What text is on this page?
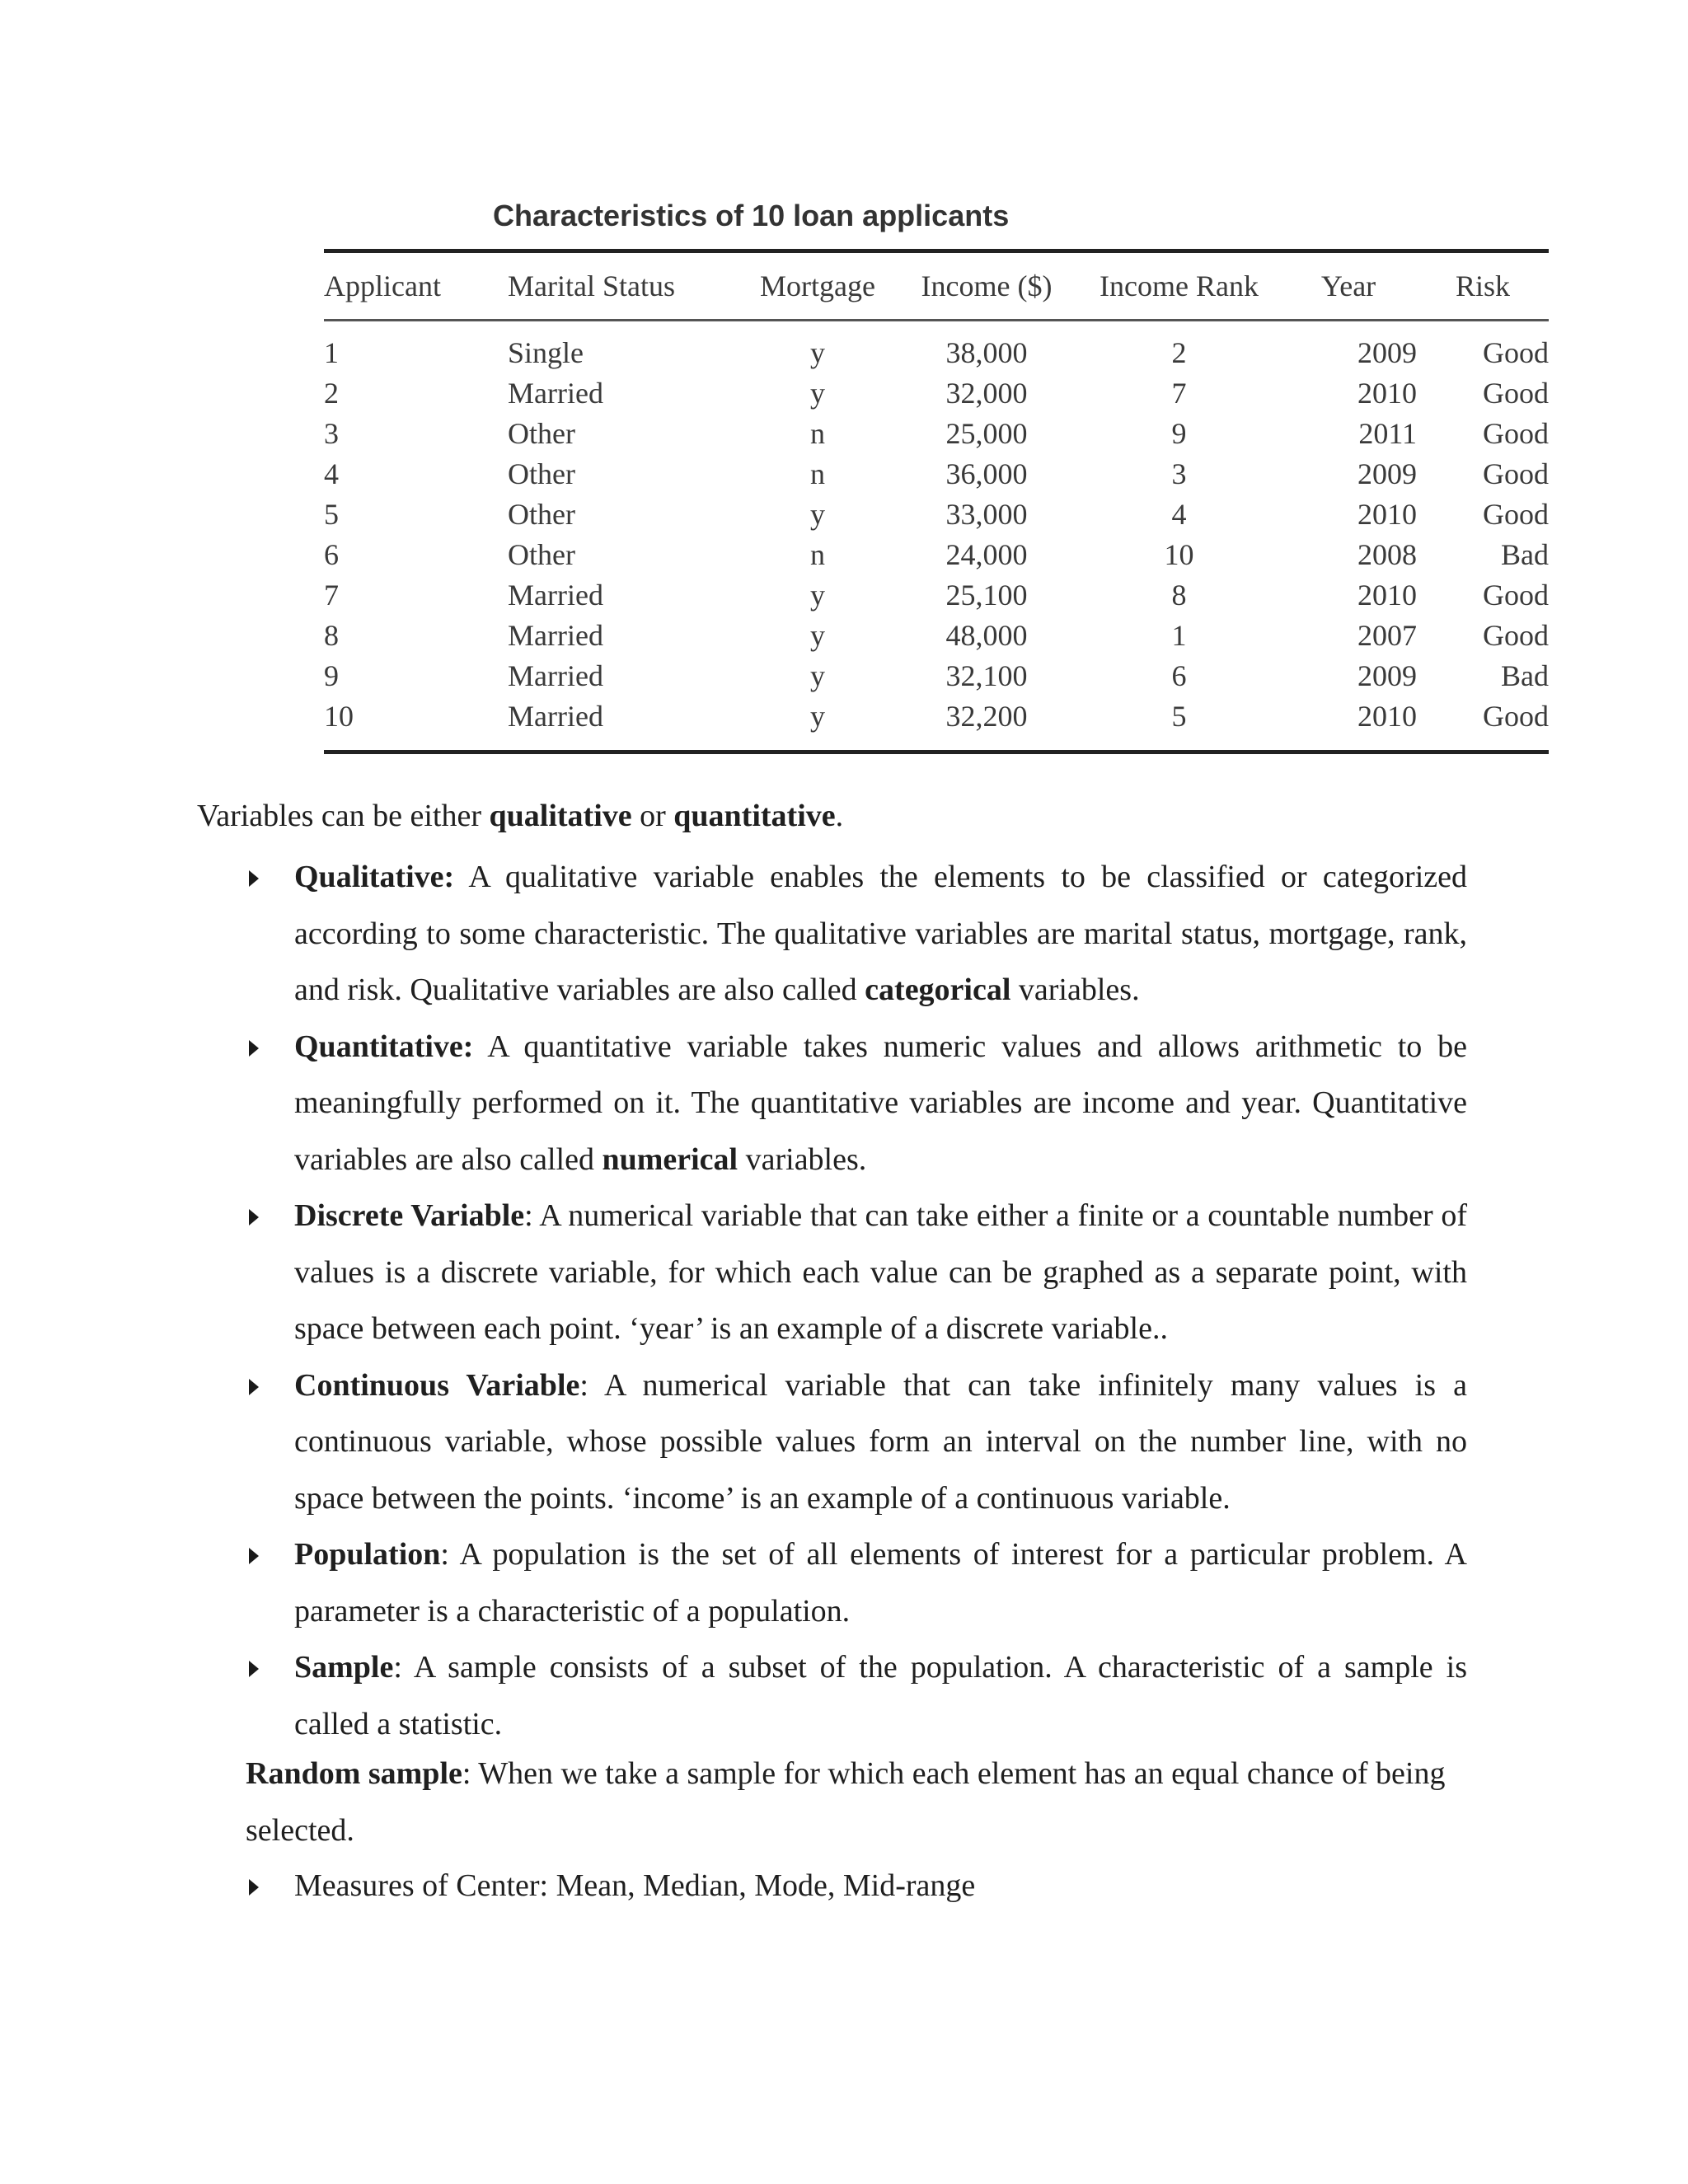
Characteristics of 10 loan applicants
Applicant	Marital Status	Mortgage	Income ($)	Income Rank	Year	Risk
1	Single	y	38,000	2	2009	Good
2	Married	y	32,000	7	2010	Good
3	Other	n	25,000	9	2011	Good
4	Other	n	36,000	3	2009	Good
5	Other	y	33,000	4	2010	Good
6	Other	n	24,000	10	2008	Bad
7	Married	y	25,100	8	2010	Good
8	Married	y	48,000	1	2007	Good
9	Married	y	32,100	6	2009	Bad
10	Married	y	32,200	5	2010	Good
Variables can be either qualitative or quantitative.
Qualitative: A qualitative variable enables the elements to be classified or categorized according to some characteristic. The qualitative variables are marital status, mortgage, rank, and risk. Qualitative variables are also called categorical variables.
Quantitative: A quantitative variable takes numeric values and allows arithmetic to be meaningfully performed on it. The quantitative variables are income and year. Quantitative variables are also called numerical variables.
Discrete Variable: A numerical variable that can take either a finite or a countable number of values is a discrete variable, for which each value can be graphed as a separate point, with space between each point. ‘year’ is an example of a discrete variable..
Continuous Variable: A numerical variable that can take infinitely many values is a continuous variable, whose possible values form an interval on the number line, with no space between the points. ‘income’ is an example of a continuous variable.
Population: A population is the set of all elements of interest for a particular problem. A parameter is a characteristic of a population.
Sample: A sample consists of a subset of the population. A characteristic of a sample is called a statistic.
Random sample: When we take a sample for which each element has an equal chance of being selected.
Measures of Center: Mean, Median, Mode, Mid-range
